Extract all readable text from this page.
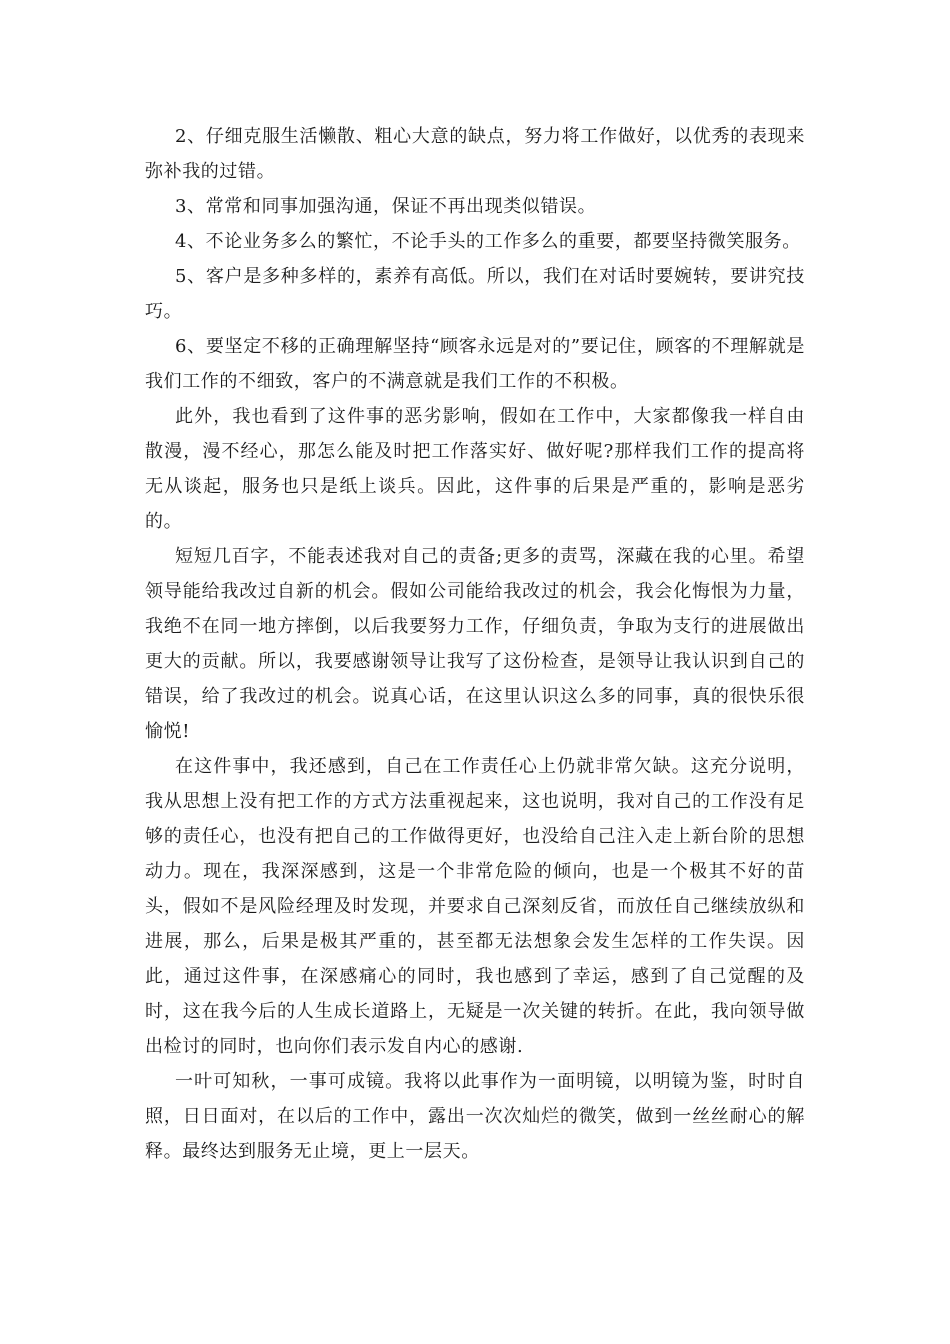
2、仔细克服生活懒散、粗心大意的缺点，努力将工作做好，以优秀的表现来弥补我的过错。

3、常常和同事加强沟通，保证不再出现类似错误。

4、不论业务多么的繁忙，不论手头的工作多么的重要，都要坚持微笑服务。

5、客户是多种多样的，素养有高低。所以，我们在对话时要婉转，要讲究技巧。

6、要坚定不移的正确理解坚持“顾客永远是对的”要记住，顾客的不理解就是我们工作的不细致，客户的不满意就是我们工作的不积极。

此外，我也看到了这件事的恶劣影响，假如在工作中，大家都像我一样自由散漫，漫不经心，那怎么能及时把工作落实好、做好呢?那样我们工作的提高将无从谈起，服务也只是纸上谈兵。因此，这件事的后果是严重的，影响是恶劣的。

短短几百字，不能表述我对自己的责备;更多的责骂，深藏在我的心里。希望领导能给我改过自新的机会。假如公司能给我改过的机会，我会化悔恨为力量，我绝不在同一地方摔倒，以后我要努力工作，仔细负责，争取为支行的进展做出更大的贡献。所以，我要感谢领导让我写了这份检查，是领导让我认识到自己的错误，给了我改过的机会。说真心话，在这里认识这么多的同事，真的很快乐很愉悦!

在这件事中，我还感到，自己在工作责任心上仍就非常欠缺。这充分说明，我从思想上没有把工作的方式方法重视起来，这也说明，我对自己的工作没有足够的责任心，也没有把自己的工作做得更好，也没给自己注入走上新台阶的思想动力。现在，我深深感到，这是一个非常危险的倾向，也是一个极其不好的苗头，假如不是风险经理及时发现，并要求自己深刻反省，而放任自己继续放纵和进展，那么，后果是极其严重的，甚至都无法想象会发生怎样的工作失误。因此，通过这件事，在深感痛心的同时，我也感到了幸运，感到了自己觉醒的及时，这在我今后的人生成长道路上，无疑是一次关键的转折。在此，我向领导做出检讨的同时，也向你们表示发自内心的感谢.

一叶可知秋，一事可成镜。我将以此事作为一面明镜，以明镜为鉴，时时自照，日日面对，在以后的工作中，露出一次次灿烂的微笑，做到一丝丝耐心的解释。最终达到服务无止境，更上一层天。
